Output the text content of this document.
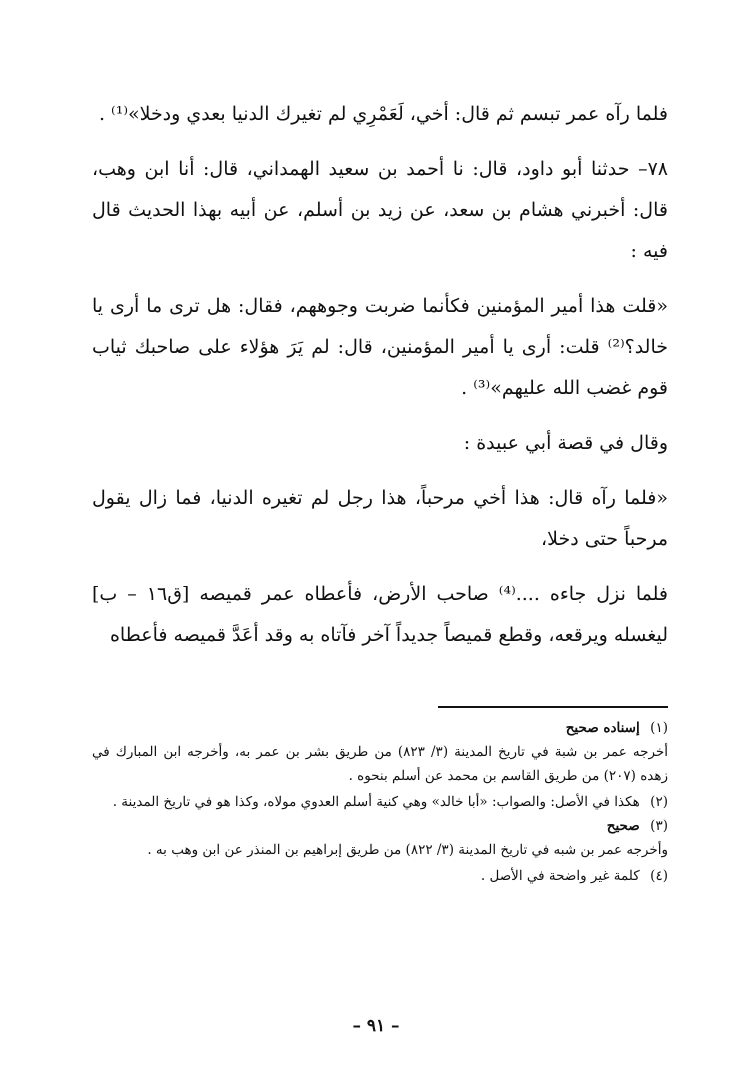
فلما رآه عمر تبسم ثم قال: أخي، لَعَمْرِي لم تغيرك الدنيا بعدي ودخلا»⁽¹⁾ .

٧٨– حدثنا أبو داود، قال: نا أحمد بن سعيد الهمداني، قال: أنا ابن وهب، قال: أخبرني هشام بن سعد، عن زيد بن أسلم، عن أبيه بهذا الحديث قال فيه :

«قلت هذا أمير المؤمنين فكأنما ضربت وجوههم، فقال: هل ترى ما أرى يا خالد؟⁽²⁾ قلت: أرى يا أمير المؤمنين، قال: لم يَرَ هؤلاء على صاحبك ثياب قوم غضب الله عليهم»⁽³⁾ .

وقال في قصة أبي عبيدة :

«فلما رآه قال: هذا أخي مرحباً، هذا رجل لم تغيره الدنيا، فما زال يقول مرحباً حتى دخلا،

فلما نزل جاءه ....⁽⁴⁾ صاحب الأرض، فأعطاه عمر قميصه [ق١٦ – ب] ليغسله ويرقعه، وقطع قميصاً جديداً آخر فآتاه به وقد أعَدَّ قميصه فأعطاه

(١) إسناده صحيح
أخرجه عمر بن شبة في تاريخ المدينة (٣/ ٨٢٣) من طريق بشر بن عمر به، وأخرجه ابن المبارك في زهده (٢٠٧) من طريق القاسم بن محمد عن أسلم بنحوه .
(٢) هكذا في الأصل: والصواب: «أبا خالد» وهي كنية أسلم العدوي مولاه، وكذا هو في تاريخ المدينة .
(٣) صحيح
وأخرجه عمر بن شبه في تاريخ المدينة (٣/ ٨٢٢) من طريق إبراهيم بن المنذر عن ابن وهب به .
(٤) كلمة غير واضحة في الأصل .
– ٩١ –
